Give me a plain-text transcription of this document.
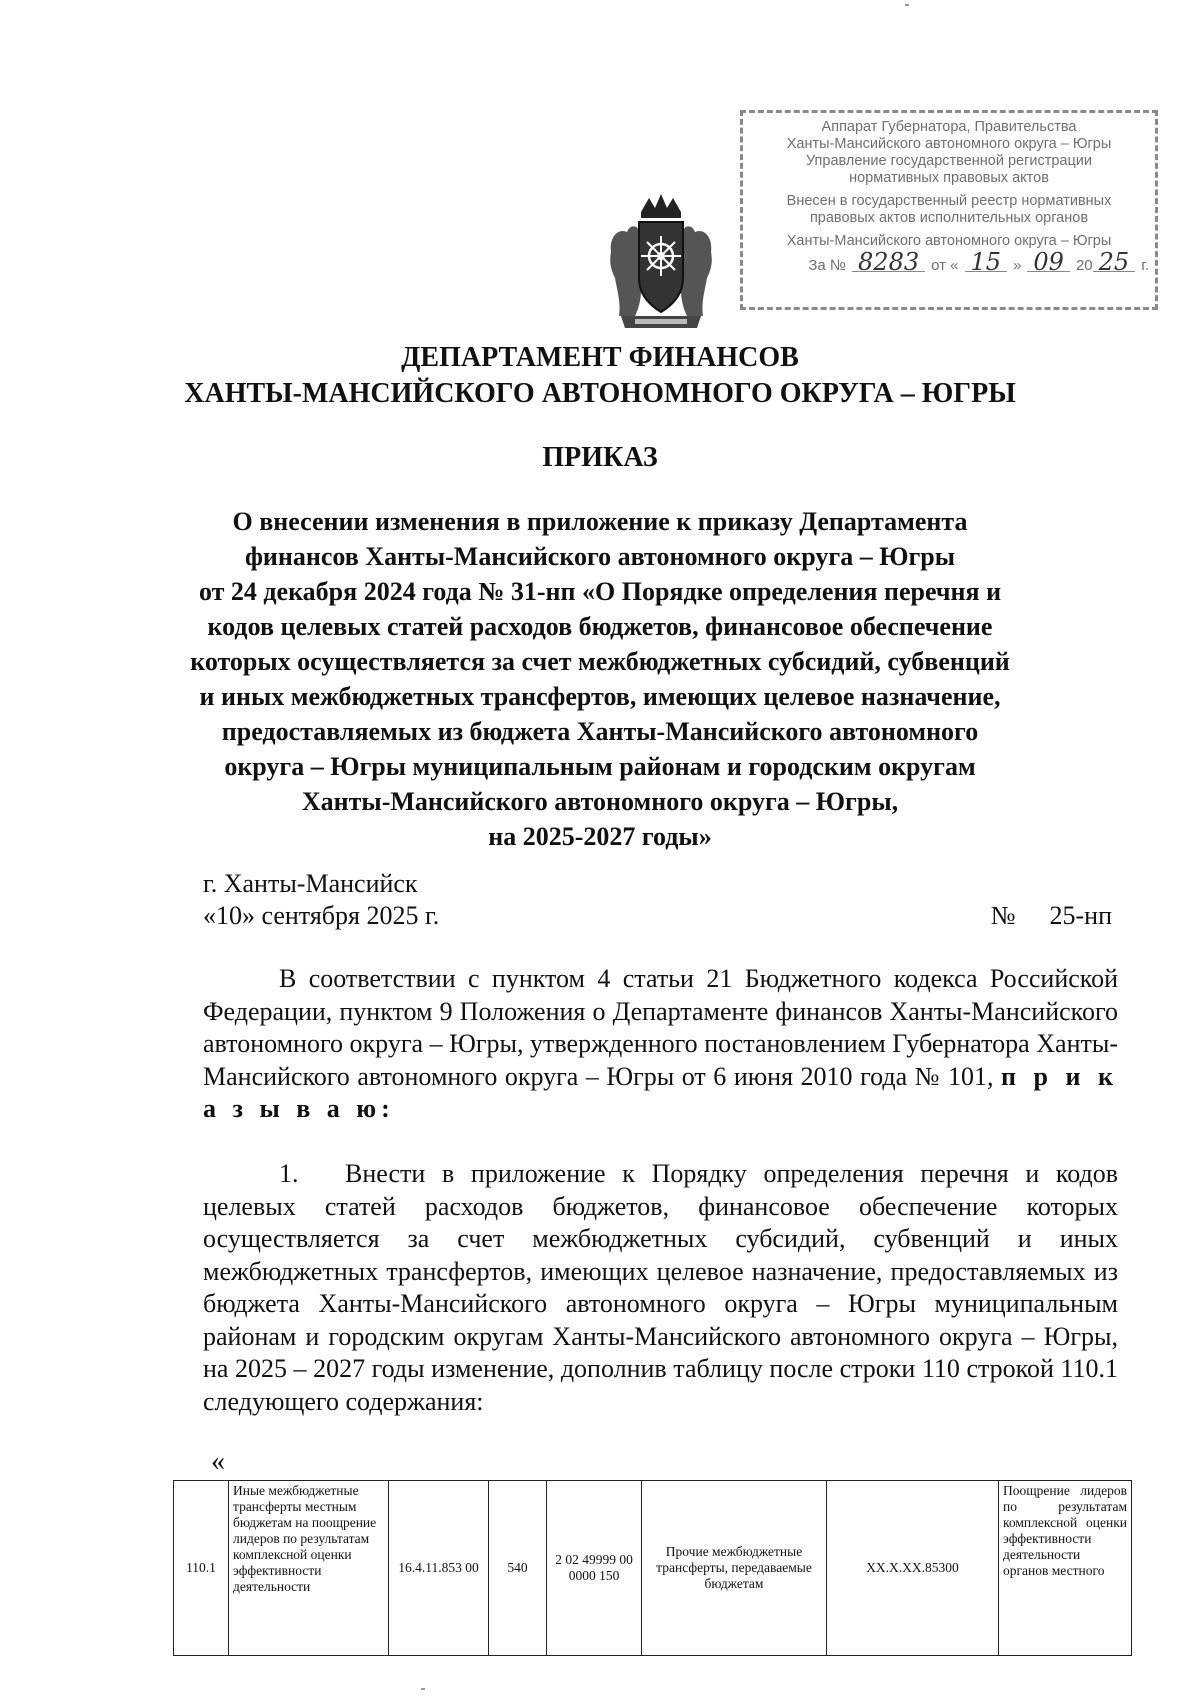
Аппарат Губернатора, Правительства

Ханты-Мансийского автономного округа – Югры

Управление государственной регистрации

нормативных правовых актов

Внесен в государственный реестр нормативных

правовых актов исполнительных органов

Ханты-Мансийского автономного округа – Югры

За № 8283 от « 15 » 09 20 25 г.
ДЕПАРТАМЕНТ ФИНАНСОВ
ХАНТЫ-МАНСИЙСКОГО АВТОНОМНОГО ОКРУГА – ЮГРЫ
ПРИКАЗ
О внесении изменения в приложение к приказу Департамента
финансов Ханты-Мансийского автономного округа – Югры
от 24 декабря 2024 года № 31-нп «О Порядке определения перечня и
кодов целевых статей расходов бюджетов, финансовое обеспечение
которых осуществляется за счет межбюджетных субсидий, субвенций
и иных межбюджетных трансфертов, имеющих целевое назначение,
предоставляемых из бюджета Ханты-Мансийского автономного
округа – Югры муниципальным районам и городским округам
Ханты-Мансийского автономного округа – Югры,
на 2025-2027 годы»
г. Ханты-Мансийск
«10» сентября 2025 г.	№ 25-нп
В соответствии с пунктом 4 статьи 21 Бюджетного кодекса Российской Федерации, пунктом 9 Положения о Департаменте финансов Ханты-Мансийского автономного округа – Югры, утвержденного постановлением Губернатора Ханты-Мансийского автономного округа – Югры от 6 июня 2010 года № 101, п р и к а з ы в а ю:
1. Внести в приложение к Порядку определения перечня и кодов целевых статей расходов бюджетов, финансовое обеспечение которых осуществляется за счет межбюджетных субсидий, субвенций и иных межбюджетных трансфертов, имеющих целевое назначение, предоставляемых из бюджета Ханты-Мансийского автономного округа – Югры муниципальным районам и городским округам Ханты-Мансийского автономного округа – Югры, на 2025 – 2027 годы изменение, дополнив таблицу после строки 110 строкой 110.1 следующего содержания:
«
110.1	Иные межбюджетные трансферты местным бюджетам на поощрение лидеров по результатам комплексной оценки эффективности деятельности	16.4.11.853 00	540	2 02 49999 00 0000 150	Прочие межбюджетные трансферты, передаваемые бюджетам	XX.X.XX.85300	Поощрение лидеров по результатам комплексной оценки эффективности деятельности органов местного
